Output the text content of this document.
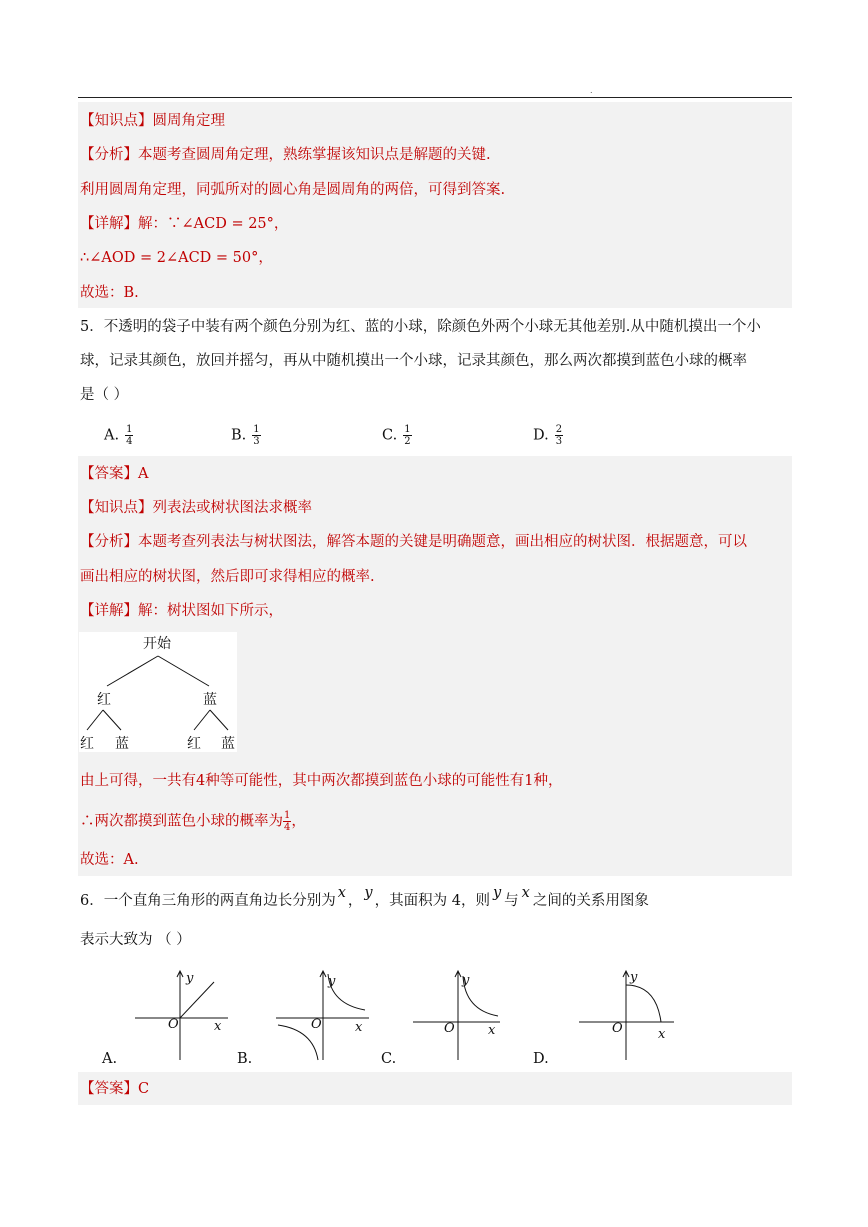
.
【知识点】圆周角定理
【分析】本题考查圆周角定理，熟练掌握该知识点是解题的关键.
利用圆周角定理，同弧所对的圆心角是圆周角的两倍，可得到答案.
【详解】解：∵∠ACD = 25°，
∴∠AOD = 2∠ACD = 50°，
故选：B.
5．不透明的袋子中装有两个颜色分别为红、蓝的小球，除颜色外两个小球无其他差别.从中随机摸出一个小
球，记录其颜色，放回并摇匀，再从中随机摸出一个小球，记录其颜色，那么两次都摸到蓝色小球的概率
是（ ）
A. $\frac{1}{4}$	B. $\frac{1}{3}$	C. $\frac{1}{2}$	D. $\frac{2}{3}$
【答案】A
【知识点】列表法或树状图法求概率
【分析】本题考查列表法与树状图法，解答本题的关键是明确题意，画出相应的树状图．根据题意，可以
画出相应的树状图，然后即可求得相应的概率.
【详解】解：树状图如下所示，
开始
红	蓝
红 蓝	红 蓝
由上可得，一共有4种等可能性，其中两次都摸到蓝色小球的可能性有1种，
∴两次都摸到蓝色小球的概率为 $\frac{1}{4}$ ，
故选：A.
6．一个直角三角形的两直角边长分别为 x ， y ，其面积为 4，则 y 与 x 之间的关系用图象
表示大致为 （ ）
y
x
O
A.
y
x
O
B.
y
x
O
C.
y
x
O
D.
【答案】C
